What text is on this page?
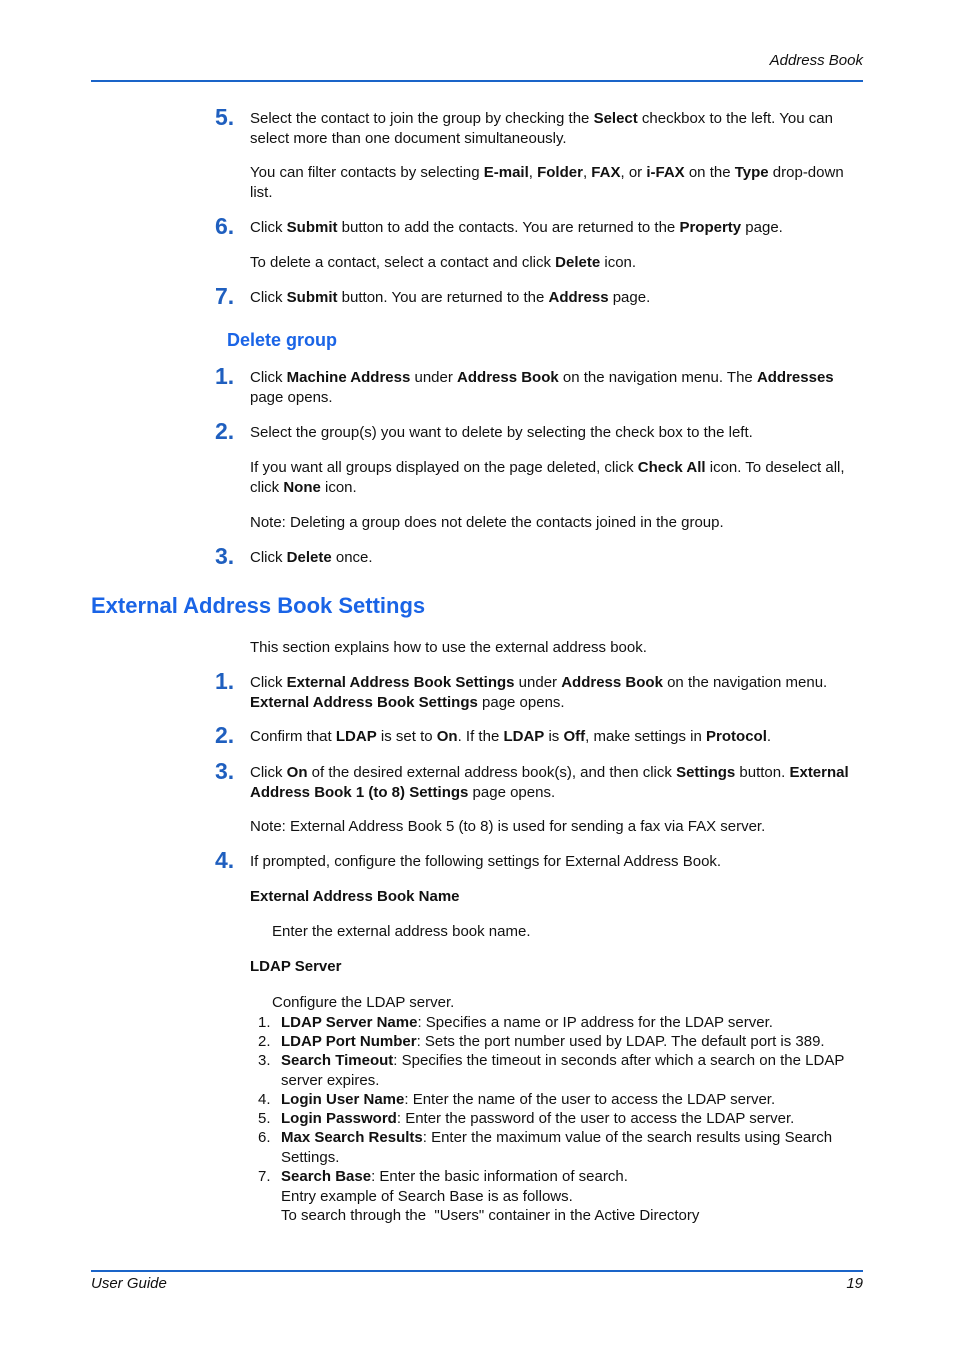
Address Book
5. Select the contact to join the group by checking the Select checkbox to the left. You can select more than one document simultaneously.
You can filter contacts by selecting E-mail, Folder, FAX, or i-FAX on the Type drop-down list.
6. Click Submit button to add the contacts. You are returned to the Property page.
To delete a contact, select a contact and click Delete icon.
7. Click Submit button. You are returned to the Address page.
Delete group
1. Click Machine Address under Address Book on the navigation menu. The Addresses page opens.
2. Select the group(s) you want to delete by selecting the check box to the left.
If you want all groups displayed on the page deleted, click Check All icon. To deselect all, click None icon.
Note: Deleting a group does not delete the contacts joined in the group.
3. Click Delete once.
External Address Book Settings
This section explains how to use the external address book.
1. Click External Address Book Settings under Address Book on the navigation menu. External Address Book Settings page opens.
2. Confirm that LDAP is set to On. If the LDAP is Off, make settings in Protocol.
3. Click On of the desired external address book(s), and then click Settings button. External Address Book 1 (to 8) Settings page opens.
Note: External Address Book 5 (to 8) is used for sending a fax via FAX server.
4. If prompted, configure the following settings for External Address Book.
External Address Book Name
Enter the external address book name.
LDAP Server
Configure the LDAP server.
1. LDAP Server Name: Specifies a name or IP address for the LDAP server.
2. LDAP Port Number: Sets the port number used by LDAP. The default port is 389.
3. Search Timeout: Specifies the timeout in seconds after which a search on the LDAP server expires.
4. Login User Name: Enter the name of the user to access the LDAP server.
5. Login Password: Enter the password of the user to access the LDAP server.
6. Max Search Results: Enter the maximum value of the search results using Search Settings.
7. Search Base: Enter the basic information of search.
Entry example of Search Base is as follows.
To search through the  "Users" container in the Active Directory
User Guide	19
